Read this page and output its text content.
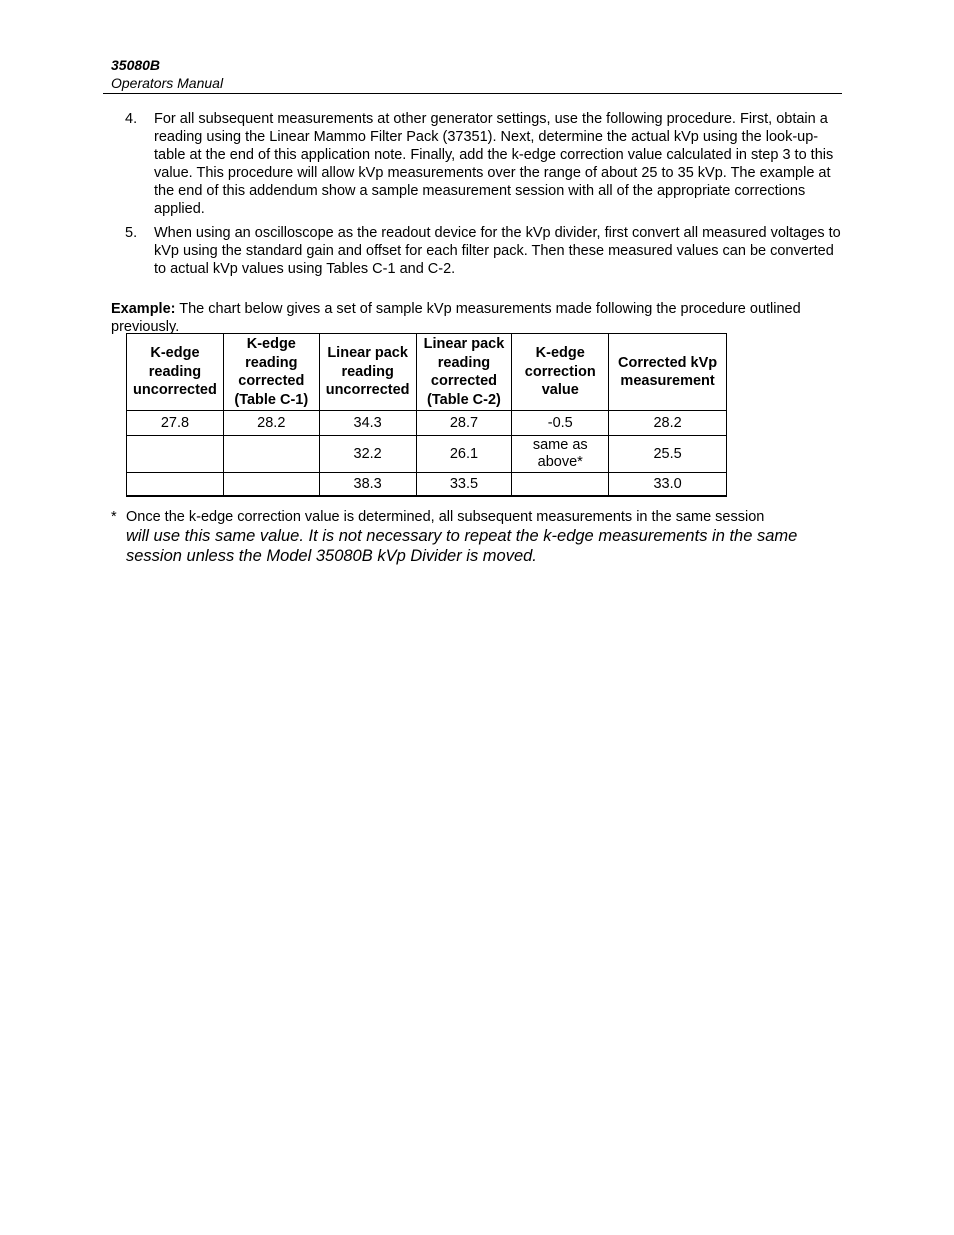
35080B
Operators Manual
4. For all subsequent measurements at other generator settings, use the following procedure. First, obtain a reading using the Linear Mammo Filter Pack (37351). Next, determine the actual kVp using the look-up-table at the end of this application note. Finally, add the k-edge correction value calculated in step 3 to this value. This procedure will allow kVp measurements over the range of about 25 to 35 kVp. The example at the end of this addendum show a sample measurement session with all of the appropriate corrections applied.
5. When using an oscilloscope as the readout device for the kVp divider, first convert all measured voltages to kVp using the standard gain and offset for each filter pack. Then these measured values can be converted to actual kVp values using Tables C-1 and C-2.

Example: The chart below gives a set of sample kVp measurements made following the procedure outlined previously.

K-edge reading uncorrected	K-edge reading corrected (Table C-1)	Linear pack reading uncorrected	Linear pack reading corrected (Table C-2)	K-edge correction value	Corrected kVp measurement
27.8	28.2	34.3	28.7	-0.5	28.2
		32.2	26.1	same as above*	25.5
		38.3	33.5		33.0
* Once the k-edge correction value is determined, all subsequent measurements in the same session
will use this same value. It is not necessary to repeat the k-edge measurements in the same session unless the Model 35080B kVp Divider is moved.
